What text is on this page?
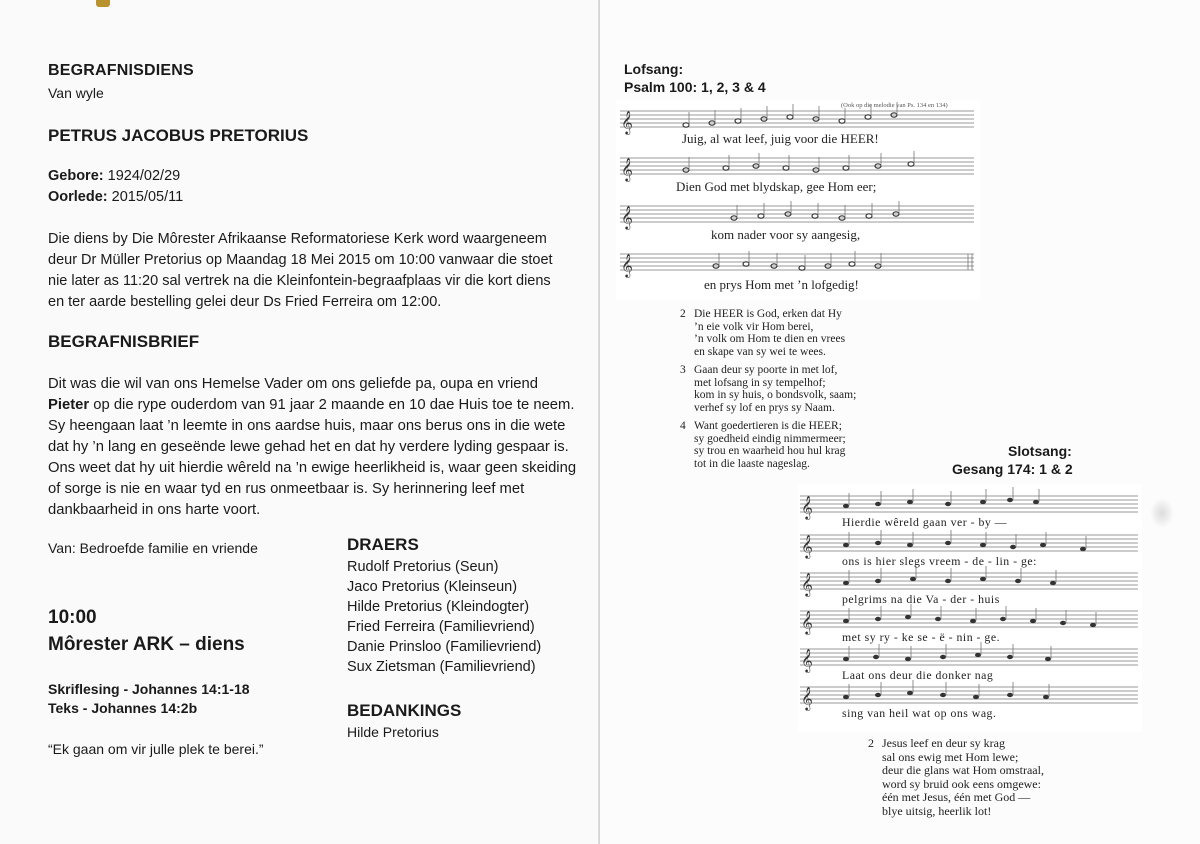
BEGRAFNISDIENS
Van wyle
PETRUS JACOBUS PRETORIUS
Gebore: 1924/02/29
Oorlede: 2015/05/11
Die diens by Die Môrester Afrikaanse Reformatoriese Kerk word waargeneem
deur Dr Müller Pretorius op Maandag 18 Mei 2015 om 10:00 vanwaar die stoet
nie later as 11:20 sal vertrek na die Kleinfontein-begraafplaas vir die kort diens
en ter aarde bestelling gelei deur Ds Fried Ferreira om 12:00.
BEGRAFNISBRIEF
Dit was die wil van ons Hemelse Vader om ons geliefde pa, oupa en vriend
Pieter op die rype ouderdom van 91 jaar 2 maande en 10 dae Huis toe te neem.
Sy heengaan laat ’n leemte in ons aardse huis, maar ons berus ons in die wete
dat hy ’n lang en geseënde lewe gehad het en dat hy verdere lyding gespaar is.
Ons weet dat hy uit hierdie wêreld na ’n ewige heerlikheid is, waar geen skeiding
of sorge is nie en waar tyd en rus onmeetbaar is. Sy herinnering leef met
dankbaarheid in ons harte voort.
Van: Bedroefde familie en vriende
10:00
Môrester ARK – diens
Skriflesing - Johannes 14:1-18
Teks - Johannes 14:2b
“Ek gaan om vir julle plek te berei.”
DRAERS
Rudolf Pretorius (Seun)
Jaco Pretorius (Kleinseun)
Hilde Pretorius (Kleindogter)
Fried Ferreira (Familievriend)
Danie Prinsloo (Familievriend)
Sux Zietsman (Familievriend)
BEDANKINGS
Hilde Pretorius
Lofsang:
Psalm 100: 1, 2, 3 & 4
(Ook op die melodie van Ps. 134 en 134)
𝄞
𝄞
𝄞
𝄞
Juig, al wat leef, juig voor die HEER!
Dien God met blydskap, gee Hom eer;
kom nader voor sy aangesig,
en prys Hom met ’n lofgedig!
2 Die HEER is God, erken dat Hy
’n eie volk vir Hom berei,
’n volk om Hom te dien en vrees
en skape van sy wei te wees.
3 Gaan deur sy poorte in met lof,
met lofsang in sy tempelhof;
kom in sy huis, o bondsvolk, saam;
verhef sy lof en prys sy Naam.
4 Want goedertieren is die HEER;
sy goedheid eindig nimmermeer;
sy trou en waarheid hou hul krag
tot in die laaste nageslag.
Slotsang:
Gesang 174: 1 & 2
𝄞
𝄞
𝄞
𝄞
𝄞
𝄞
Hierdie wêreld gaan ver - by —
ons is hier slegs vreem - de - lin - ge:
pelgrims na die Va - der - huis
met sy ry - ke se - ë - nin - ge.
Laat ons deur die donker nag
sing van heil wat op ons wag.
2 Jesus leef en deur sy krag
sal ons ewig met Hom lewe;
deur die glans wat Hom omstraal,
word sy bruid ook eens omgewe:
één met Jesus, één met God —
blye uitsig, heerlik lot!
